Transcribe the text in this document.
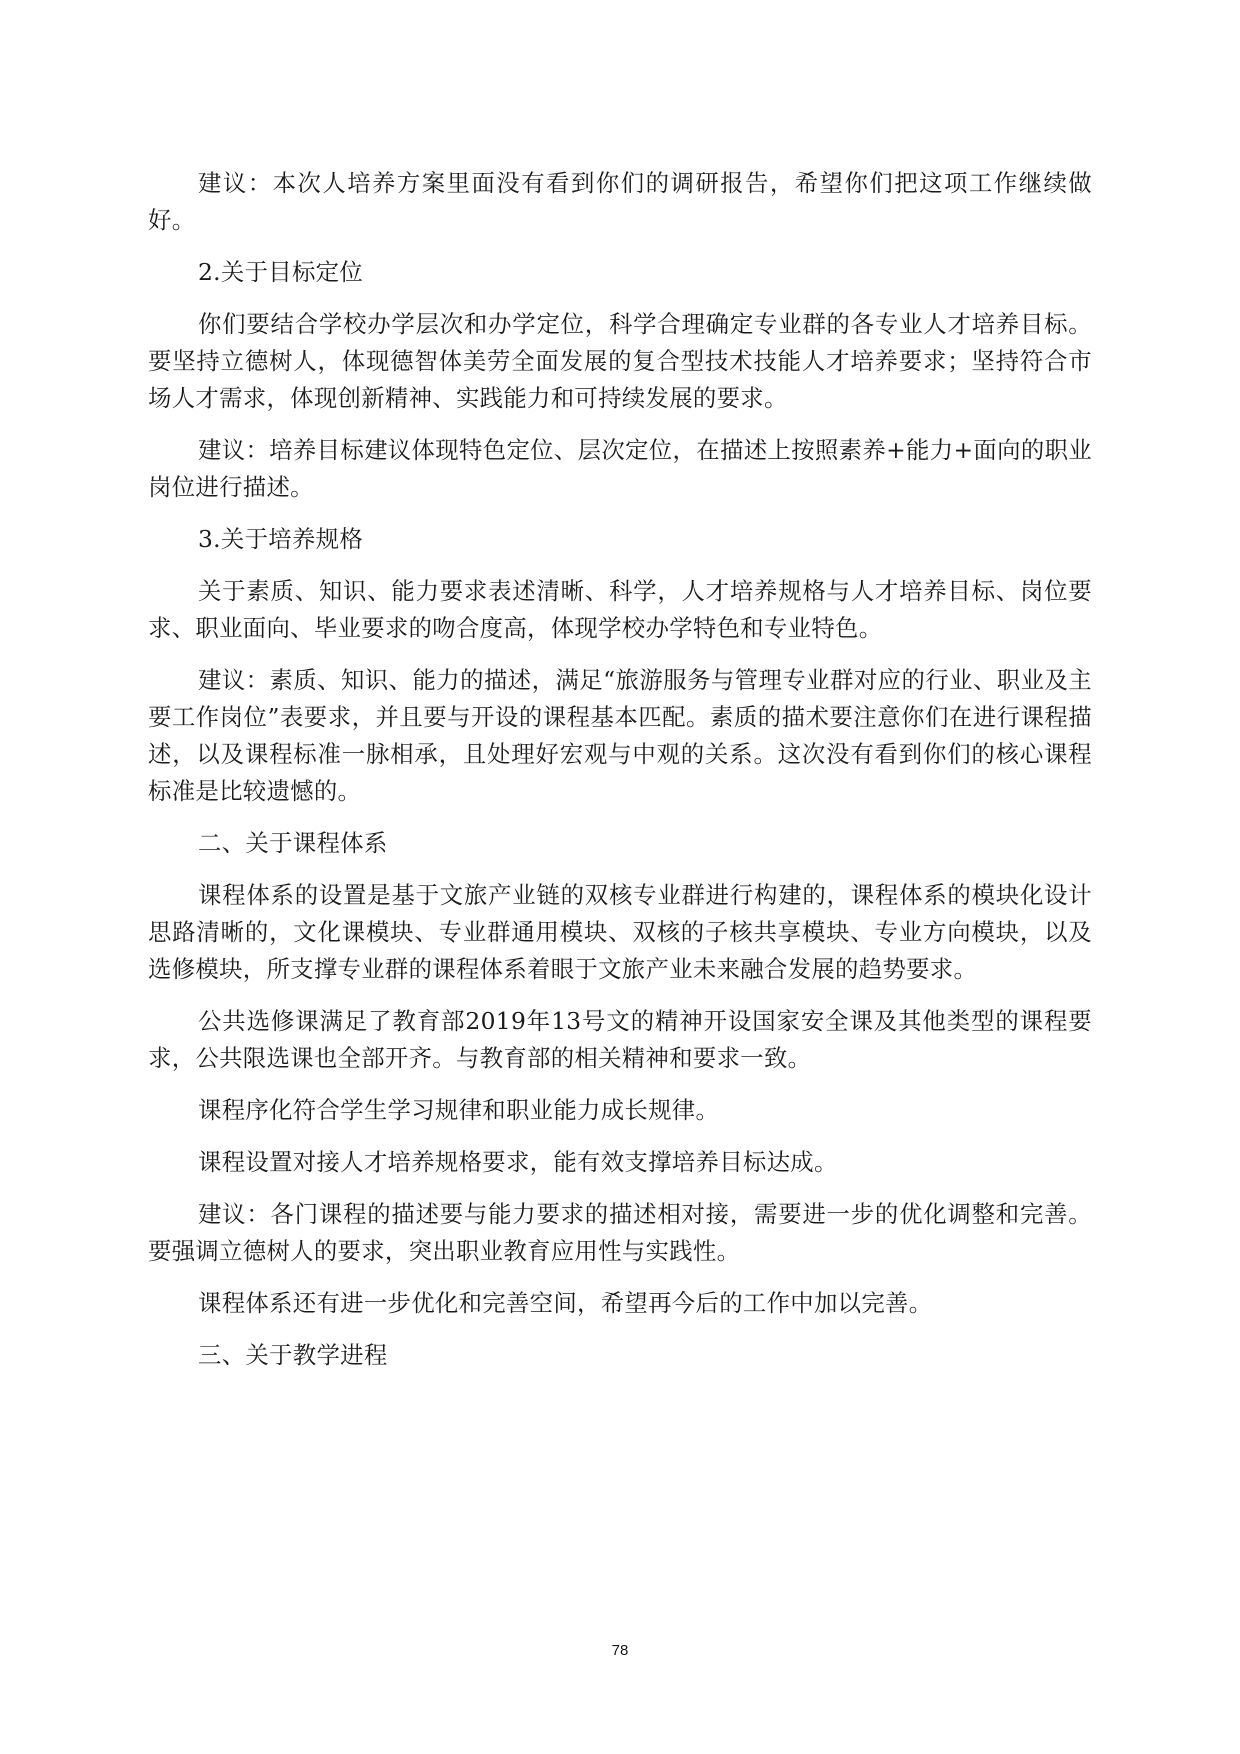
建议：本次人培养方案里面没有看到你们的调研报告，希望你们把这项工作继续做好。

2.关于目标定位

你们要结合学校办学层次和办学定位，科学合理确定专业群的各专业人才培养目标。要坚持立德树人，体现德智体美劳全面发展的复合型技术技能人才培养要求；坚持符合市场人才需求，体现创新精神、实践能力和可持续发展的要求。

建议：培养目标建议体现特色定位、层次定位，在描述上按照素养+能力+面向的职业岗位进行描述。

3.关于培养规格

关于素质、知识、能力要求表述清晰、科学，人才培养规格与人才培养目标、岗位要求、职业面向、毕业要求的吻合度高，体现学校办学特色和专业特色。

建议：素质、知识、能力的描述，满足“旅游服务与管理专业群对应的行业、职业及主要工作岗位”表要求，并且要与开设的课程基本匹配。素质的描术要注意你们在进行课程描述，以及课程标准一脉相承，且处理好宏观与中观的关系。这次没有看到你们的核心课程标准是比较遗憾的。

二、关于课程体系

课程体系的设置是基于文旅产业链的双核专业群进行构建的，课程体系的模块化设计思路清晰的，文化课模块、专业群通用模块、双核的子核共享模块、专业方向模块，以及选修模块，所支撑专业群的课程体系着眼于文旅产业未来融合发展的趋势要求。

公共选修课满足了教育部2019年13号文的精神开设国家安全课及其他类型的课程要求，公共限选课也全部开齐。与教育部的相关精神和要求一致。

课程序化符合学生学习规律和职业能力成长规律。

课程设置对接人才培养规格要求，能有效支撑培养目标达成。

建议：各门课程的描述要与能力要求的描述相对接，需要进一步的优化调整和完善。要强调立德树人的要求，突出职业教育应用性与实践性。

课程体系还有进一步优化和完善空间，希望再今后的工作中加以完善。

三、关于教学进程

78
